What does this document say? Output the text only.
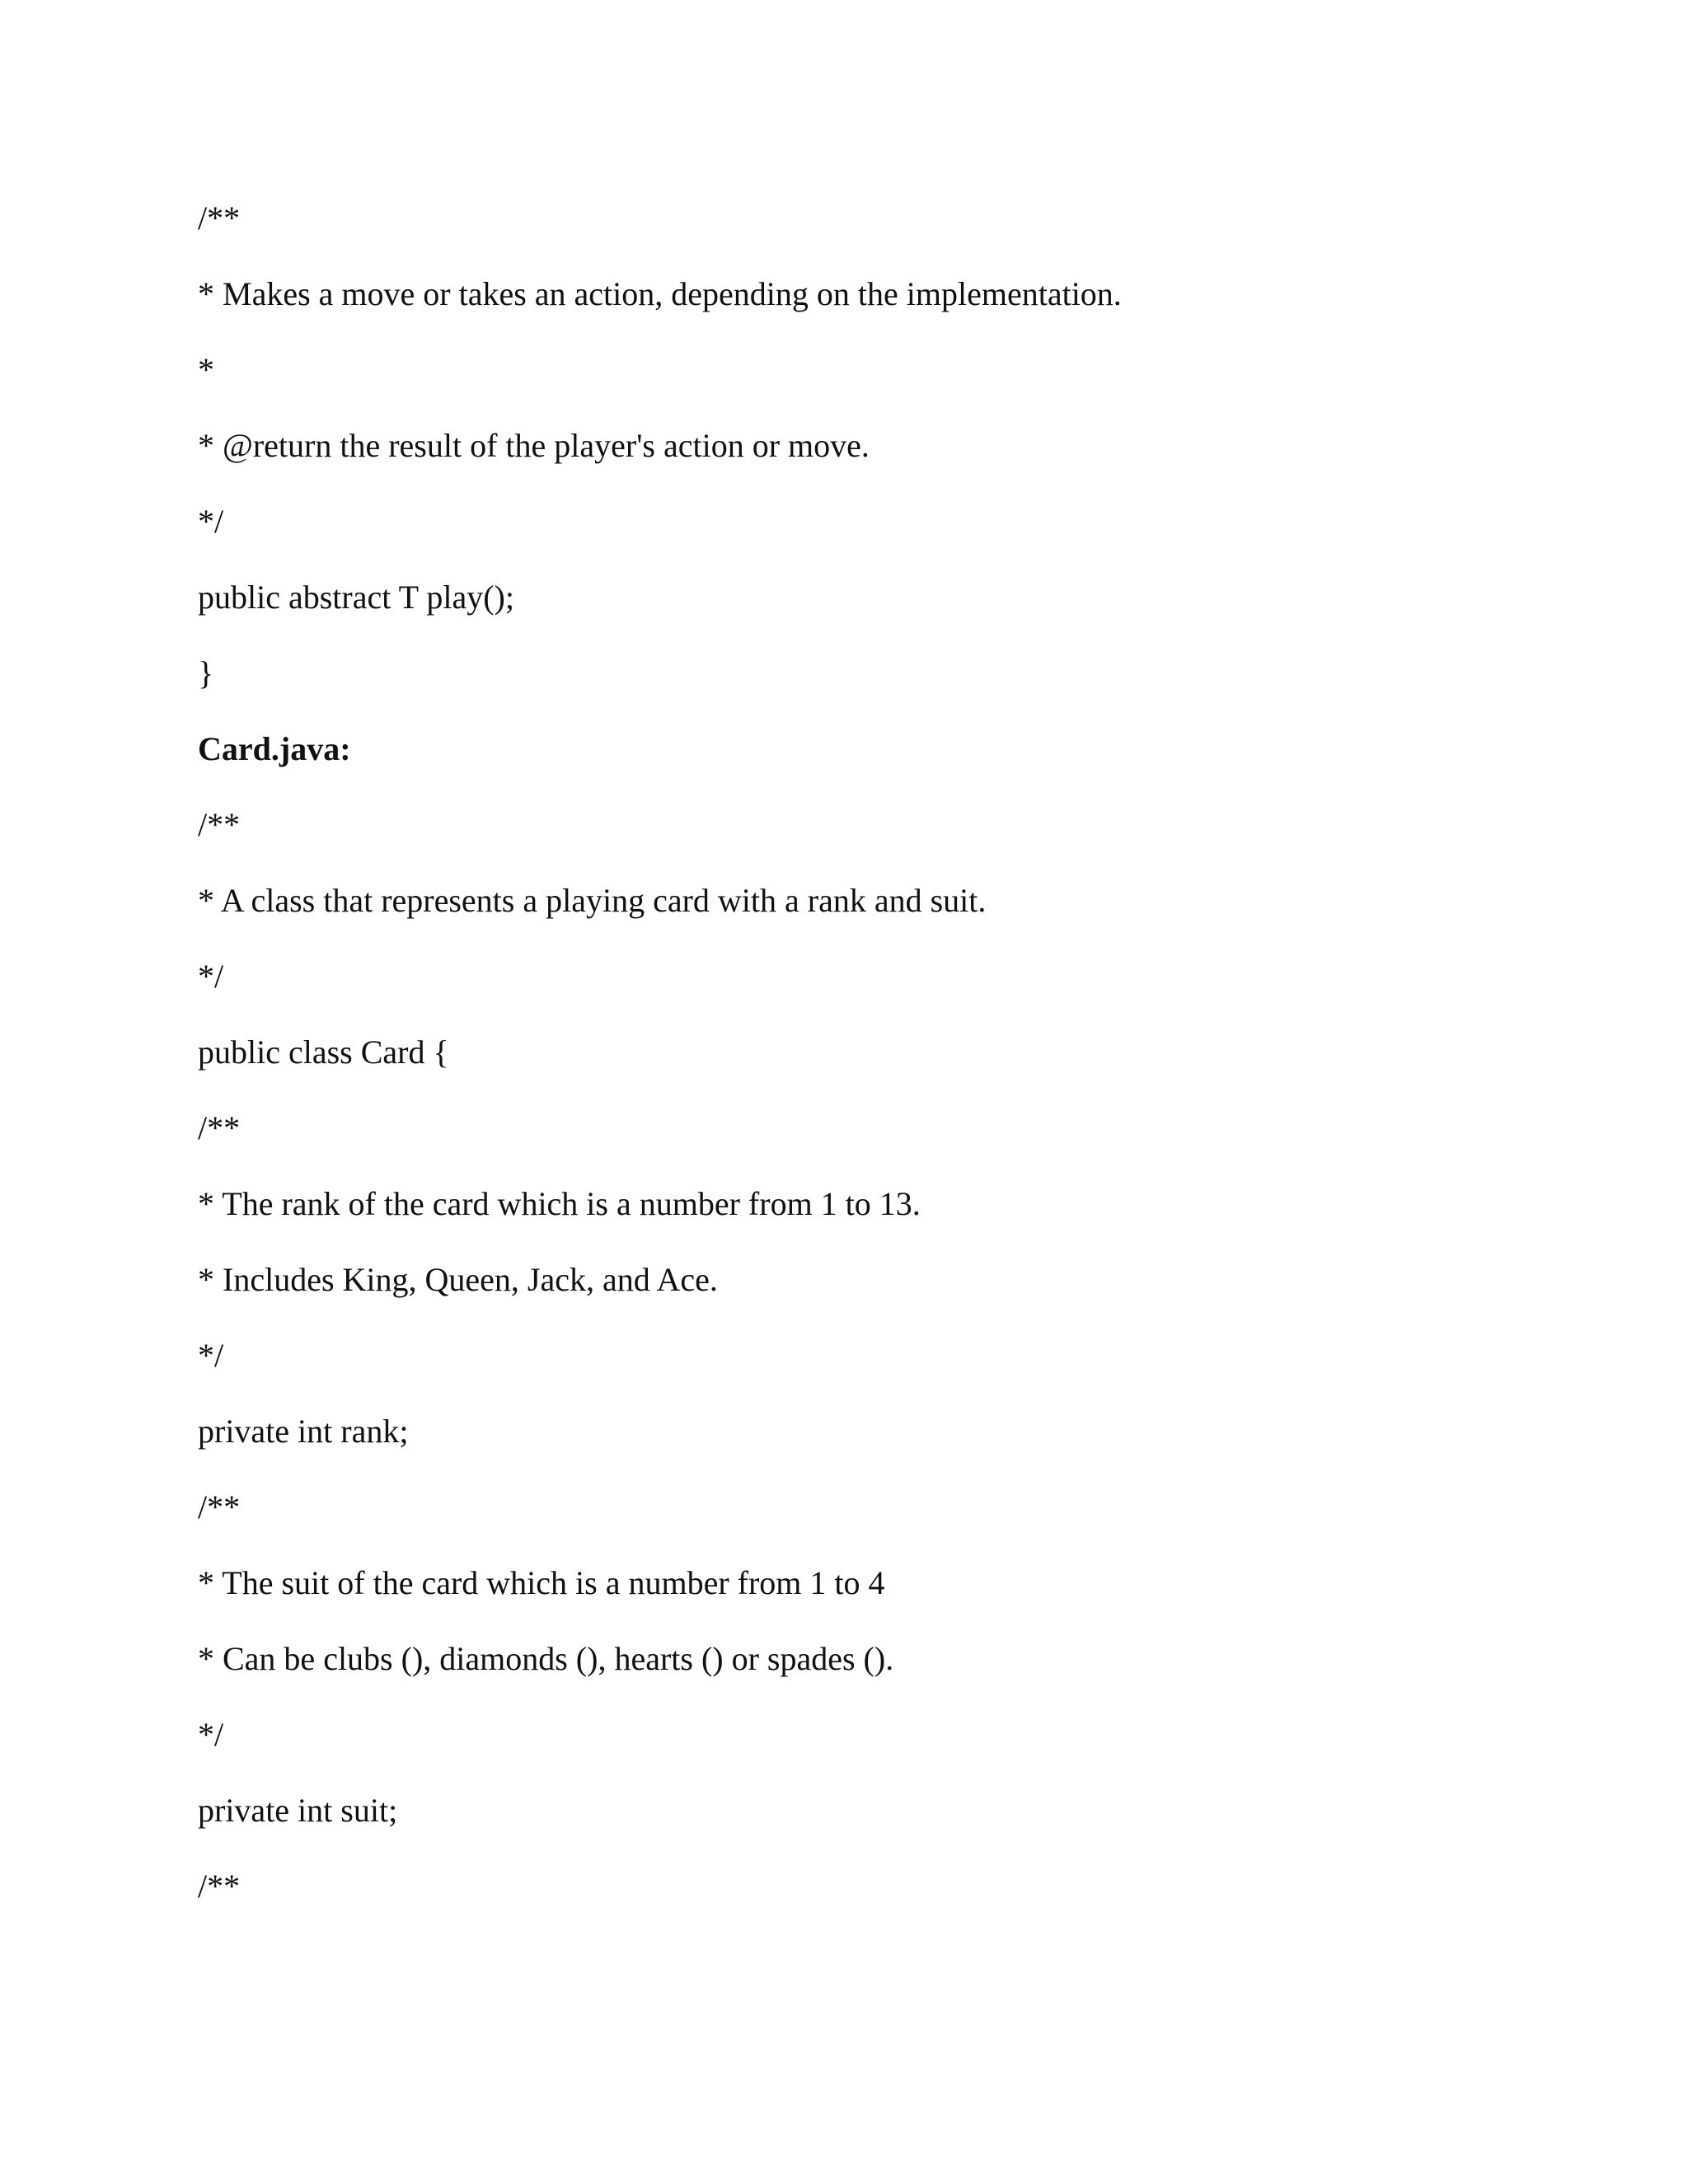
/**

* Makes a move or takes an action, depending on the implementation.

*

* @return the result of the player's action or move.

*/

public abstract T play();

}

Card.java:

/**

* A class that represents a playing card with a rank and suit.

*/

public class Card {

/**

* The rank of the card which is a number from 1 to 13.

* Includes King, Queen, Jack, and Ace.

*/

private int rank;

/**

* The suit of the card which is a number from 1 to 4

* Can be clubs (), diamonds (), hearts () or spades ().

*/

private int suit;

/**
